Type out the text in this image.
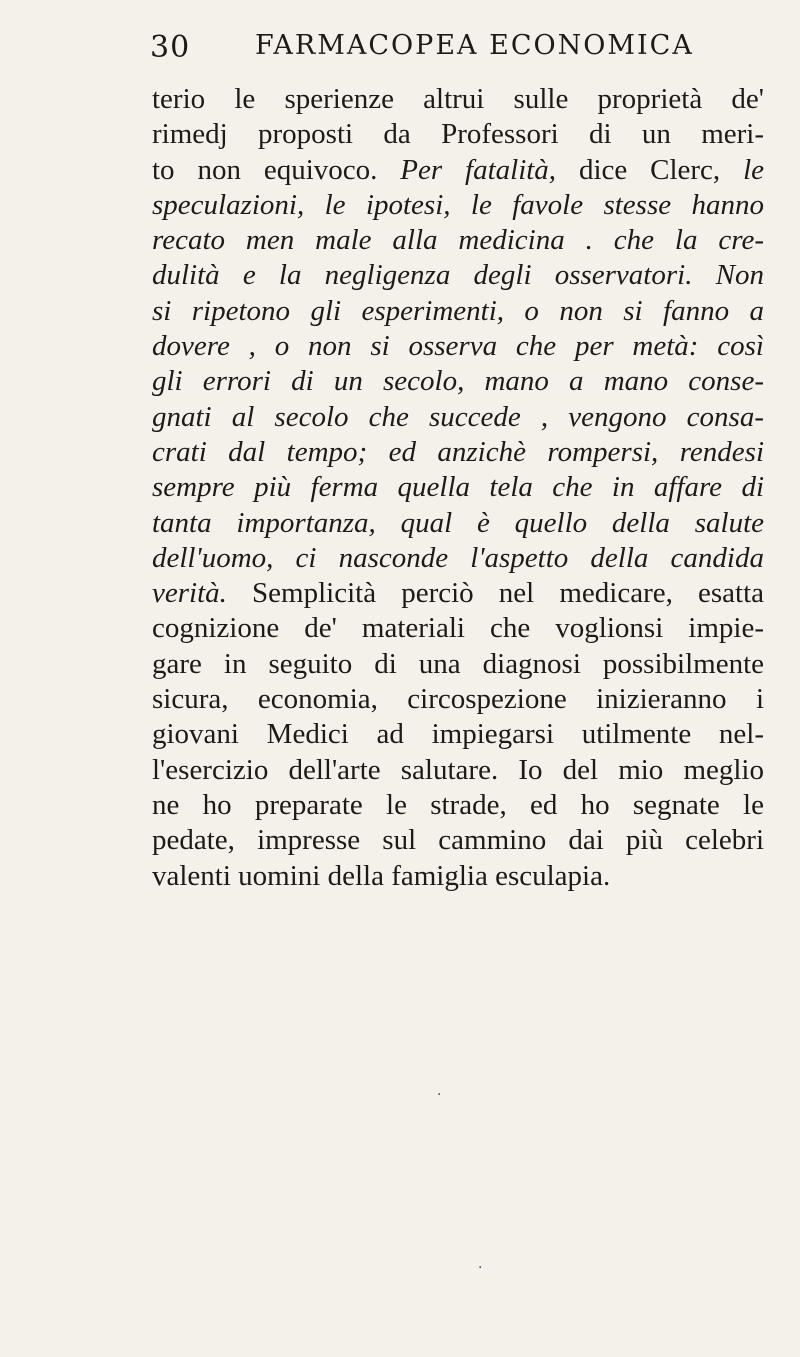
30 FARMACOPEA ECONOMICA
terio le sperienze altrui sulle proprietà de'
rimedj proposti da Professori di un meri-
to non equivoco. Per fatalità, dice Clerc, le
speculazioni, le ipotesi, le favole stesse hanno
recato men male alla medicina . che la cre-
dulità e la negligenza degli osservatori. Non
si ripetono gli esperimenti, o non si fanno a
dovere , o non si osserva che per metà: così
gli errori di un secolo, mano a mano conse-
gnati al secolo che succede , vengono consa-
crati dal tempo; ed anzichè rompersi, rendesi
sempre più ferma quella tela che in affare di
tanta importanza, qual è quello della salute
dell'uomo, ci nasconde l'aspetto della candida
verità. Semplicità perciò nel medicare, esatta
cognizione de' materiali che voglionsi impie-
gare in seguito di una diagnosi possibilmente
sicura, economia, circospezione inizieranno i
giovani Medici ad impiegarsi utilmente nel-
l'esercizio dell'arte salutare. Io del mio meglio
ne ho preparate le strade, ed ho segnate le
pedate, impresse sul cammino dai più celebri
valenti uomini della famiglia esculapia.
·
·
